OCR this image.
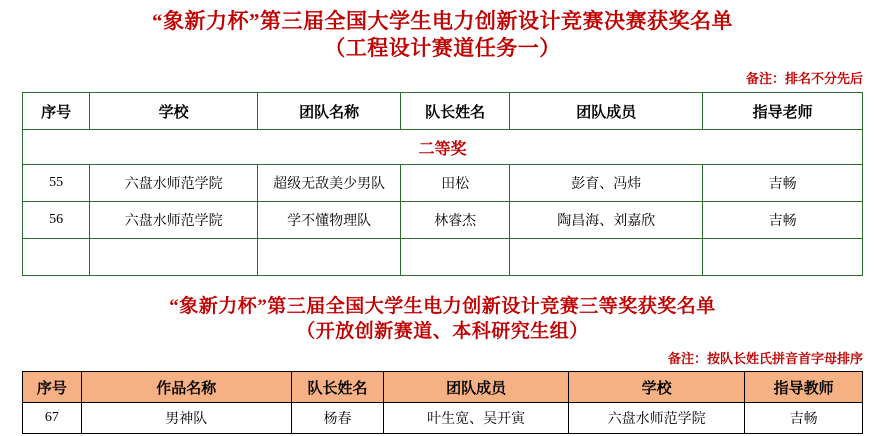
“象新力杯”第三届全国大学生电力创新设计竞赛决赛获奖名单
（工程设计赛道任务一）
备注：排名不分先后
序号	学校	团队名称	队长姓名	团队成员	指导老师
二等奖					
55	六盘水师范学院	超级无敌美少男队	田松	彭育、冯炜	吉畅
56	六盘水师范学院	学不懂物理队	林睿杰	陶昌海、刘嘉欣	吉畅

“象新力杯”第三届全国大学生电力创新设计竞赛三等奖获奖名单
（开放创新赛道、本科研究生组）
备注：按队长姓氏拼音首字母排序
序号	作品名称	队长姓名	团队成员	学校	指导教师
67	男神队	杨春	叶生宽、吴开寅	六盘水师范学院	吉畅
